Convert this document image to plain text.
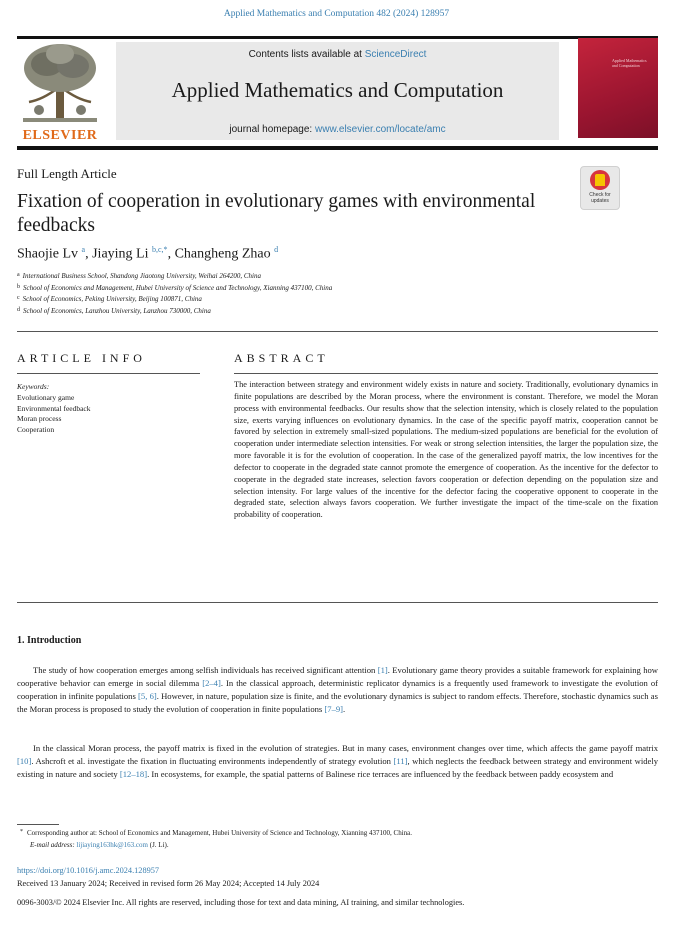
Applied Mathematics and Computation 482 (2024) 128957
ELSEVIER
Contents lists available at ScienceDirect
Applied Mathematics and Computation
journal homepage: www.elsevier.com/locate/amc
Applied Mathematics and Computation
Full Length Article
Check for updates
Fixation of cooperation in evolutionary games with environmental feedbacks
Shaojie Lv $^a$, Jiaying Li $^{b,c,*}$, Changheng Zhao $^d$
a International Business School, Shandong Jiaotong University, Weihai 264200, China
b School of Economics and Management, Hubei University of Science and Technology, Xianning 437100, China
c School of Economics, Peking University, Beijing 100871, China
d School of Economics, Lanzhou University, Lanzhou 730000, China
ARTICLE INFO
Keywords:
Evolutionary game
Environmental feedback
Moran process
Cooperation
ABSTRACT
The interaction between strategy and environment widely exists in nature and society. Traditionally, evolutionary dynamics in finite populations are described by the Moran process, where the environment is constant. Therefore, we model the Moran process with environmental feedbacks. Our results show that the selection intensity, which is closely related to the population size, exerts varying influences on evolutionary dynamics. In the case of the specific payoff matrix, cooperation cannot be favored by selection in extremely small-sized populations. The medium-sized populations are beneficial for the evolution of cooperation under intermediate selection intensities. For weak or strong selection intensities, the larger the population size, the more favorable it is for the evolution of cooperation. In the case of the generalized payoff matrix, the low incentives for the defector to cooperate in the degraded state cannot promote the emergence of cooperation. As the incentive for the defector to cooperate in the degraded state increases, selection favors cooperation or defection depending on the population size and selection intensity. For large values of the incentive for the defector facing the cooperative opponent to cooperate in the degraded state, selection always favors cooperation. We further investigate the impact of the time-scale on the fixation probability of cooperation.
1. Introduction
The study of how cooperation emerges among selfish individuals has received significant attention [1]. Evolutionary game theory provides a suitable framework for explaining how cooperative behavior can emerge in social dilemma [2–4]. In the classical approach, deterministic replicator dynamics is a frequently used framework to investigate the evolution of cooperation in infinite populations [5, 6]. However, in nature, population size is finite, and the evolutionary dynamics is subject to random effects. Therefore, stochastic dynamics such as the Moran process is proposed to study the evolution of cooperation in finite populations [7–9].
In the classical Moran process, the payoff matrix is fixed in the evolution of strategies. But in many cases, environment changes over time, which affects the game payoff matrix [10]. Ashcroft et al. investigate the fixation in fluctuating environments independently of strategy evolution [11], which neglects the feedback between strategy and environment widely existing in nature and society [12–18]. In ecosystems, for example, the spatial patterns of Balinese rice terraces are influenced by the feedback between paddy ecosystem and
* Corresponding author at: School of Economics and Management, Hubei University of Science and Technology, Xianning 437100, China.
E-mail address: lijiaying163hk@163.com (J. Li).
https://doi.org/10.1016/j.amc.2024.128957
Received 13 January 2024; Received in revised form 26 May 2024; Accepted 14 July 2024
0096-3003/© 2024 Elsevier Inc. All rights are reserved, including those for text and data mining, AI training, and similar technologies.
